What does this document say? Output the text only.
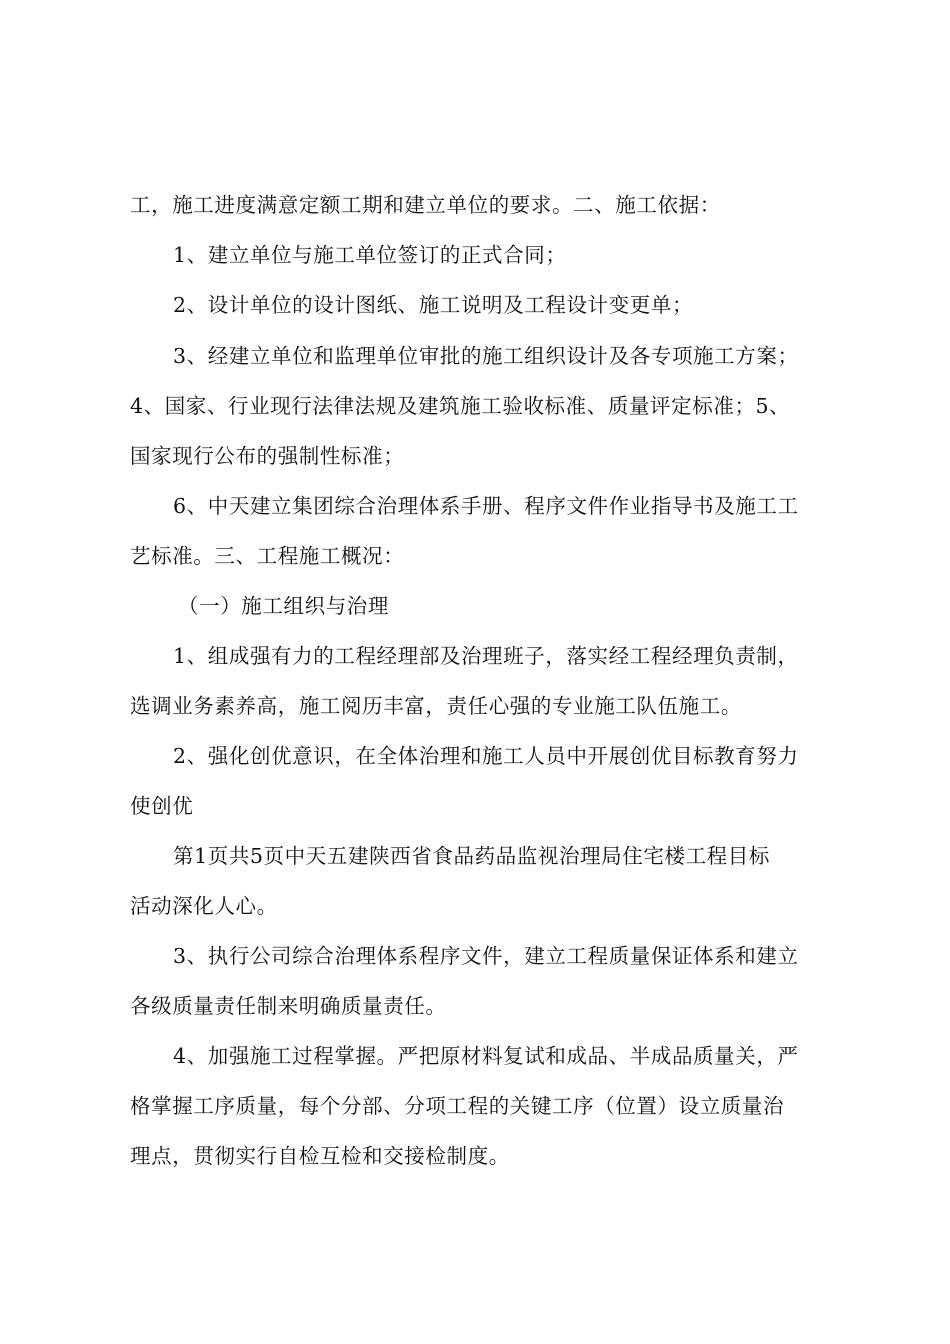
工，施工进度满意定额工期和建立单位的要求。二、施工依据：
1、建立单位与施工单位签订的正式合同；
2、设计单位的设计图纸、施工说明及工程设计变更单；
3、经建立单位和监理单位审批的施工组织设计及各专项施工方案；
4、国家、行业现行法律法规及建筑施工验收标准、质量评定标准；5、
国家现行公布的强制性标准；
6、中天建立集团综合治理体系手册、程序文件作业指导书及施工工
艺标准。三、工程施工概况：
（一）施工组织与治理
1、组成强有力的工程经理部及治理班子，落实经工程经理负责制，
选调业务素养高，施工阅历丰富，责任心强的专业施工队伍施工。
2、强化创优意识，在全体治理和施工人员中开展创优目标教育努力
使创优
第1页共5页中天五建陕西省食品药品监视治理局住宅楼工程目标
活动深化人心。
3、执行公司综合治理体系程序文件，建立工程质量保证体系和建立
各级质量责任制来明确质量责任。
4、加强施工过程掌握。严把原材料复试和成品、半成品质量关，严
格掌握工序质量，每个分部、分项工程的关键工序（位置）设立质量治
理点，贯彻实行自检互检和交接检制度。
